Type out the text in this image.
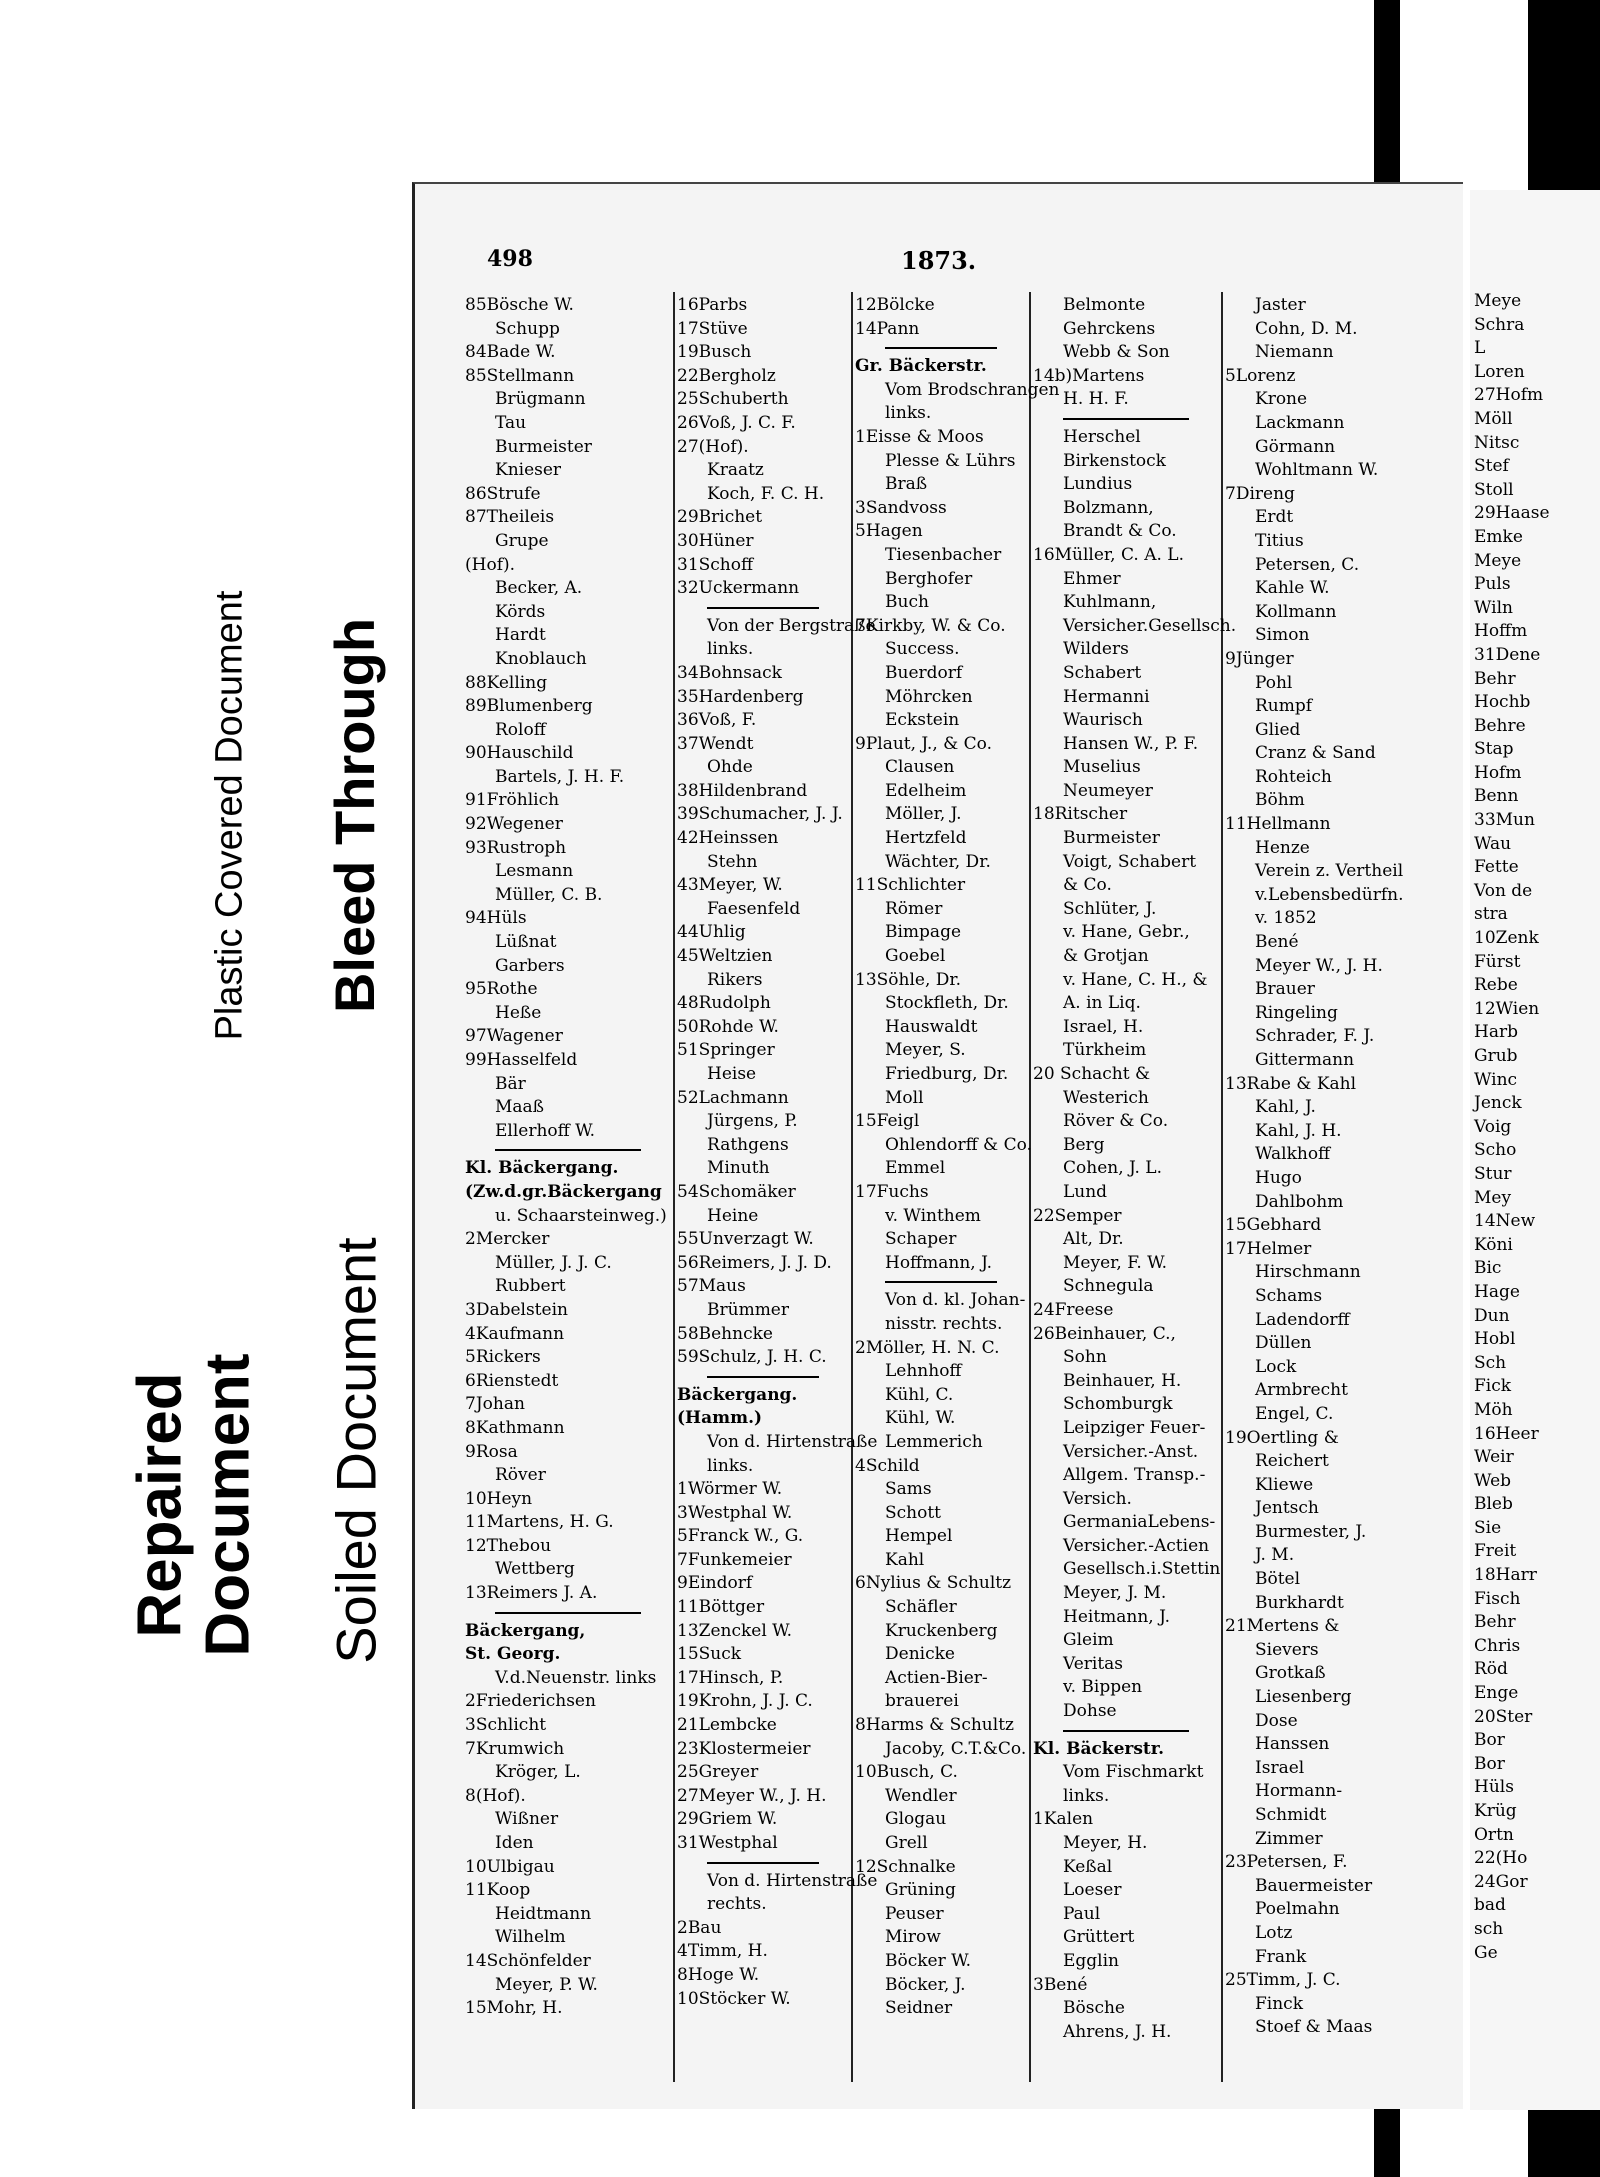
Plastic Covered Document Bleed Through
Repaired Document Soiled Document
498	1873.
85Bösche W.
Schupp
84Bade W.
85Stellmann
Brügmann
Tau
Burmeister
Knieser
86Strufe
87Theileis
Grupe
(Hof).
Becker, A.
Körds
Hardt
Knoblauch
88Kelling
89Blumenberg
Roloff
90Hauschild
Bartels, J. H. F.
91Fröhlich
92Wegener
93Rustroph
Lesmann
Müller, C. B.
94Hüls
Lüßnat
Garbers
95Rothe
Heße
97Wagener
99Hasselfeld
Bär
Maaß
Ellerhoff W.
Kl. Bäckergang.
(Zw.d.gr.Bäckergang
u. Schaarsteinweg.)
2Mercker
Müller, J. J. C.
Rubbert
3Dabelstein
4Kaufmann
5Rickers
6Rienstedt
7Johan
8Kathmann
9Rosa
Röver
10Heyn
11Martens, H. G.
12Thebou
Wettberg
13Reimers J. A.
Bäckergang,
St. Georg.
V.d.Neuenstr. links
2Friederichsen
3Schlicht
7Krumwich
Kröger, L.
8(Hof).
Wißner
Iden
10Ulbigau
11Koop
Heidtmann
Wilhelm
14Schönfelder
Meyer, P. W.
15Mohr, H.
16Parbs
17Stüve
19Busch
22Bergholz
25Schuberth
26Voß, J. C. F.
27(Hof).
Kraatz
Koch, F. C. H.
29Brichet
30Hüner
31Schoff
32Uckermann
Von der Bergstraße
links.
34Bohnsack
35Hardenberg
36Voß, F.
37Wendt
Ohde
38Hildenbrand
39Schumacher, J. J.
42Heinssen
Stehn
43Meyer, W.
Faesenfeld
44Uhlig
45Weltzien
Rikers
48Rudolph
50Rohde W.
51Springer
Heise
52Lachmann
Jürgens, P.
Rathgens
Minuth
54Schomäker
Heine
55Unverzagt W.
56Reimers, J. J. D.
57Maus
Brümmer
58Behncke
59Schulz, J. H. C.
Bäckergang.
(Hamm.)
Von d. Hirtenstraße
links.
1Wörmer W.
3Westphal W.
5Franck W., G.
7Funkemeier
9Eindorf
11Böttger
13Zenckel W.
15Suck
17Hinsch, P.
19Krohn, J. J. C.
21Lembcke
23Klostermeier
25Greyer
27Meyer W., J. H.
29Griem W.
31Westphal
Von d. Hirtenstraße
rechts.
2Bau
4Timm, H.
8Hoge W.
10Stöcker W.
12Bölcke
14Pann
Gr. Bäckerstr.
Vom Brodschrangen
links.
1Eisse & Moos
Plesse & Lührs
Braß
3Sandvoss
5Hagen
Tiesenbacher
Berghofer
Buch
7Kirkby, W. & Co.
Success.
Buerdorf
Möhrcken
Eckstein
9Plaut, J., & Co.
Clausen
Edelheim
Möller, J.
Hertzfeld
Wächter, Dr.
11Schlichter
Römer
Bimpage
Goebel
13Söhle, Dr.
Stockfleth, Dr.
Hauswaldt
Meyer, S.
Friedburg, Dr.
Moll
15Feigl
Ohlendorff & Co.
Emmel
17Fuchs
v. Winthem
Schaper
Hoffmann, J.
Von d. kl. Johan-
nisstr. rechts.
2Möller, H. N. C.
Lehnhoff
Kühl, C.
Kühl, W.
Lemmerich
4Schild
Sams
Schott
Hempel
Kahl
6Nylius & Schultz
Schäfler
Kruckenberg
Denicke
Actien-Bier-
brauerei
8Harms & Schultz
Jacoby, C.T.&Co.
10Busch, C.
Wendler
Glogau
Grell
12Schnalke
Grüning
Peuser
Mirow
Böcker W.
Böcker, J.
Seidner
Belmonte
Gehrckens
Webb & Son
14b)Martens
H. H. F.
Herschel
Birkenstock
Lundius
Bolzmann,
Brandt & Co.
16Müller, C. A. L.
Ehmer
Kuhlmann,
Versicher.Gesellsch.
Wilders
Schabert
Hermanni
Waurisch
Hansen W., P. F.
Muselius
Neumeyer
18Ritscher
Burmeister
Voigt, Schabert
& Co.
Schlüter, J.
v. Hane, Gebr.,
& Grotjan
v. Hane, C. H., &
A. in Liq.
Israel, H.
Türkheim
20 Schacht &
Westerich
Röver & Co.
Berg
Cohen, J. L.
Lund
22Semper
Alt, Dr.
Meyer, F. W.
Schnegula
24Freese
26Beinhauer, C.,
Sohn
Beinhauer, H.
Schomburgk
Leipziger Feuer-
Versicher.-Anst.
Allgem. Transp.-
Versich.
GermaniaLebens-
Versicher.-Actien
Gesellsch.i.Stettin
Meyer, J. M.
Heitmann, J.
Gleim
Veritas
v. Bippen
Dohse
Kl. Bäckerstr.
Vom Fischmarkt
links.
1Kalen
Meyer, H.
Keßal
Loeser
Paul
Grüttert
Egglin
3Bené
Bösche
Ahrens, J. H.
Jaster
Cohn, D. M.
Niemann
5Lorenz
Krone
Lackmann
Görmann
Wohltmann W.
7Direng
Erdt
Titius
Petersen, C.
Kahle W.
Kollmann
Simon
9Jünger
Pohl
Rumpf
Glied
Cranz & Sand
Rohteich
Böhm
11Hellmann
Henze
Verein z. Vertheil
v.Lebensbedürfn.
v. 1852
Bené
Meyer W., J. H.
Brauer
Ringeling
Schrader, F. J.
Gittermann
13Rabe & Kahl
Kahl, J.
Kahl, J. H.
Walkhoff
Hugo
Dahlbohm
15Gebhard
17Helmer
Hirschmann
Schams
Ladendorff
Düllen
Lock
Armbrecht
Engel, C.
19Oertling &
Reichert
Kliewe
Jentsch
Burmester, J.
J. M.
Bötel
Burkhardt
21Mertens &
Sievers
Grotkaß
Liesenberg
Dose
Hanssen
Israel
Hormann-
Schmidt
Zimmer
23Petersen, F.
Bauermeister
Poelmahn
Lotz
Frank
25Timm, J. C.
Finck
Stoef & Maas
Meye
Schra
L
Loren
27Hofm
Möll
Nitsc
Stef
Stoll
29Haase
Emke
Meye
Puls
Wiln
Hoffm
31Dene
Behr
Hochb
Behre
Stap
Hofm
Benn
33Mun
Wau
Fette
Von de
stra
10Zenk
Fürst
Rebe
12Wien
Harb
Grub
Winc
Jenck
Voig
Scho
Stur
Mey
14New
Köni
Bic
Hage
Dun
Hobl
Sch
Fick
Möh
16Heer
Weir
Web
Bleb
Sie
Freit
18Harr
Fisch
Behr
Chris
Röd
Enge
20Ster
Bor
Bor
Hüls
Krüg
Ortn
22(Ho
24Gor
bad
sch
Ge
